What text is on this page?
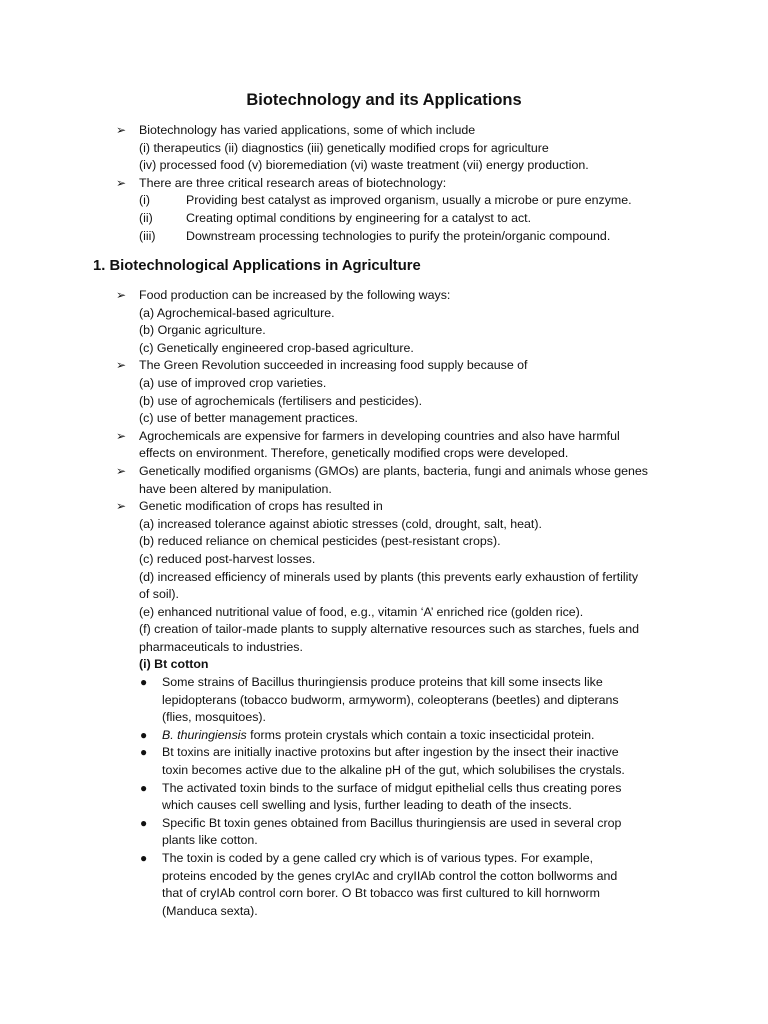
Biotechnology and its Applications
➢ Biotechnology has varied applications, some of which include
(i) therapeutics (ii) diagnostics (iii) genetically modified crops for agriculture
(iv) processed food (v) bioremediation (vi) waste treatment (vii) energy production.
➢ There are three critical research areas of biotechnology:
(i)	Providing best catalyst as improved organism, usually a microbe or pure enzyme.
(ii)	Creating optimal conditions by engineering for a catalyst to act.
(iii) Downstream processing technologies to purify the protein/organic compound.
1. Biotechnological Applications in Agriculture
➢ Food production can be increased by the following ways:
(a) Agrochemical-based agriculture.
(b) Organic agriculture.
(c) Genetically engineered crop-based agriculture.
➢ The Green Revolution succeeded in increasing food supply because of
(a) use of improved crop varieties.
(b) use of agrochemicals (fertilisers and pesticides).
(c) use of better management practices.
➢ Agrochemicals are expensive for farmers in developing countries and also have harmful
effects on environment. Therefore, genetically modified crops were developed.
➢ Genetically modified organisms (GMOs) are plants, bacteria, fungi and animals whose genes
have been altered by manipulation.
➢ Genetic modification of crops has resulted in
(a) increased tolerance against abiotic stresses (cold, drought, salt, heat).
(b) reduced reliance on chemical pesticides (pest-resistant crops).
(c) reduced post-harvest losses.
(d) increased efficiency of minerals used by plants (this prevents early exhaustion of fertility
of soil).
(e) enhanced nutritional value of food, e.g., vitamin ‘A’ enriched rice (golden rice).
(f) creation of tailor-made plants to supply alternative resources such as starches, fuels and
pharmaceuticals to industries.
(i) Bt cotton
● Some strains of Bacillus thuringiensis produce proteins that kill some insects like
lepidopterans (tobacco budworm, armyworm), coleopterans (beetles) and dipterans
(flies, mosquitoes).
● B. thuringiensis forms protein crystals which contain a toxic insecticidal protein.
● Bt toxins are initially inactive protoxins but after ingestion by the insect their inactive
toxin becomes active due to the alkaline pH of the gut, which solubilises the crystals.
● The activated toxin binds to the surface of midgut epithelial cells thus creating pores
which causes cell swelling and lysis, further leading to death of the insects.
● Specific Bt toxin genes obtained from Bacillus thuringiensis are used in several crop
plants like cotton.
● The toxin is coded by a gene called cry which is of various types. For example,
proteins encoded by the genes cryIAc and cryIIAb control the cotton bollworms and
that of cryIAb control corn borer. O Bt tobacco was first cultured to kill hornworm
(Manduca sexta).
